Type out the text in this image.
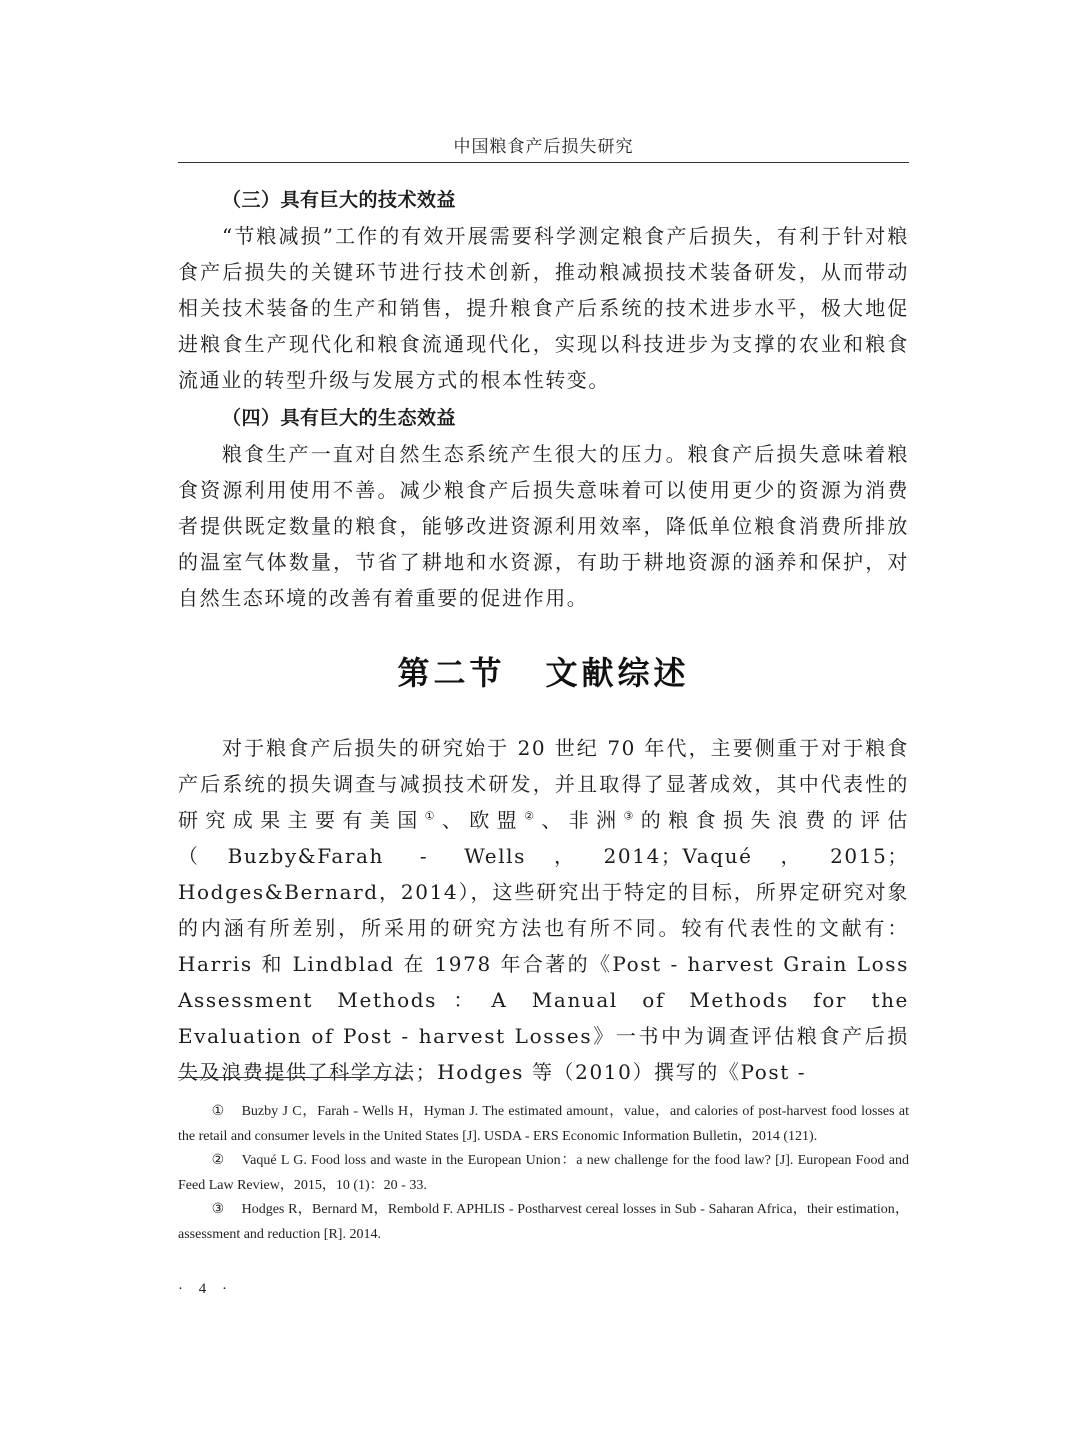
中国粮食产后损失研究
（三）具有巨大的技术效益

“节粮减损”工作的有效开展需要科学测定粮食产后损失，有利于针对粮食产后损失的关键环节进行技术创新，推动粮减损技术装备研发，从而带动相关技术装备的生产和销售，提升粮食产后系统的技术进步水平，极大地促进粮食生产现代化和粮食流通现代化，实现以科技进步为支撑的农业和粮食流通业的转型升级与发展方式的根本性转变。

（四）具有巨大的生态效益

粮食生产一直对自然生态系统产生很大的压力。粮食产后损失意味着粮食资源利用使用不善。减少粮食产后损失意味着可以使用更少的资源为消费者提供既定数量的粮食，能够改进资源利用效率，降低单位粮食消费所排放的温室气体数量，节省了耕地和水资源，有助于耕地资源的涵养和保护，对自然生态环境的改善有着重要的促进作用。

第二节 文献综述

对于粮食产后损失的研究始于 20 世纪 70 年代，主要侧重于对于粮食产后系统的损失调查与减损技术研发，并且取得了显著成效，其中代表性的研究成果主要有美国①、欧盟②、非洲③的粮食损失浪费的评估（Buzby&Farah - Wells，2014；Vaqué，2015；Hodges&Bernard，2014），这些研究出于特定的目标，所界定研究对象的内涵有所差别，所采用的研究方法也有所不同。较有代表性的文献有：Harris 和 Lindblad 在 1978 年合著的《Post - harvest Grain Loss Assessment Methods：A Manual of Methods for the Evaluation of Post - harvest Losses》一书中为调查评估粮食产后损失及浪费提供了科学方法；Hodges 等（2010）撰写的《Post -

① Buzby J C，Farah - Wells H，Hyman J. The estimated amount，value，and calories of post-harvest food losses at the retail and consumer levels in the United States [J]. USDA - ERS Economic Information Bulletin，2014 (121).

② Vaqué L G. Food loss and waste in the European Union：a new challenge for the food law? [J]. European Food and Feed Law Review，2015，10 (1)：20 - 33.

③ Hodges R，Bernard M，Rembold F. APHLIS - Postharvest cereal losses in Sub - Saharan Africa，their estimation，assessment and reduction [R]. 2014.

· 4 ·
